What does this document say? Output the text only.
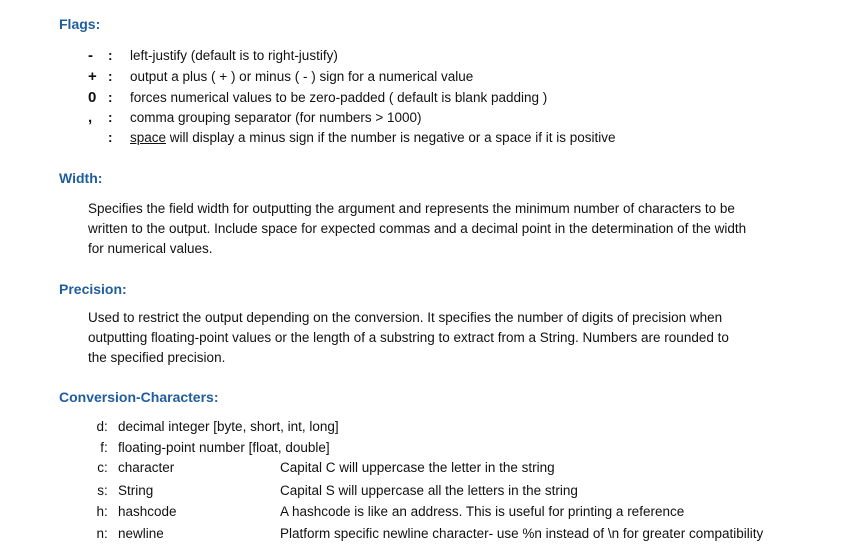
Flags:
-	:	left-justify (default is to right-justify)
+ :	output a plus ( + ) or minus ( - ) sign for a numerical value
0 :	forces numerical values to be zero-padded ( default is blank padding )
,	:	comma grouping separator (for numbers > 1000)
:	space will display a minus sign if the number is negative or a space if it is positive
Width:

Specifies the field width for outputting the argument and represents the minimum number of characters to be written to the output. Include space for expected commas and a decimal point in the determination of the width for numerical values.

Precision:

Used to restrict the output depending on the conversion. It specifies the number of digits of precision when outputting floating-point values or the length of a substring to extract from a String. Numbers are rounded to the specified precision.

Conversion-Characters:
d : decimal integer [byte, short, int, long]
f : floating-point number [float, double]
c : character	Capital C will uppercase the letter in the string
s : String	Capital S will uppercase all the letters in the string
h : hashcode	A hashcode is like an address. This is useful for printing a reference
n : newline	Platform specific newline character- use %n instead of \n for greater compatibility
